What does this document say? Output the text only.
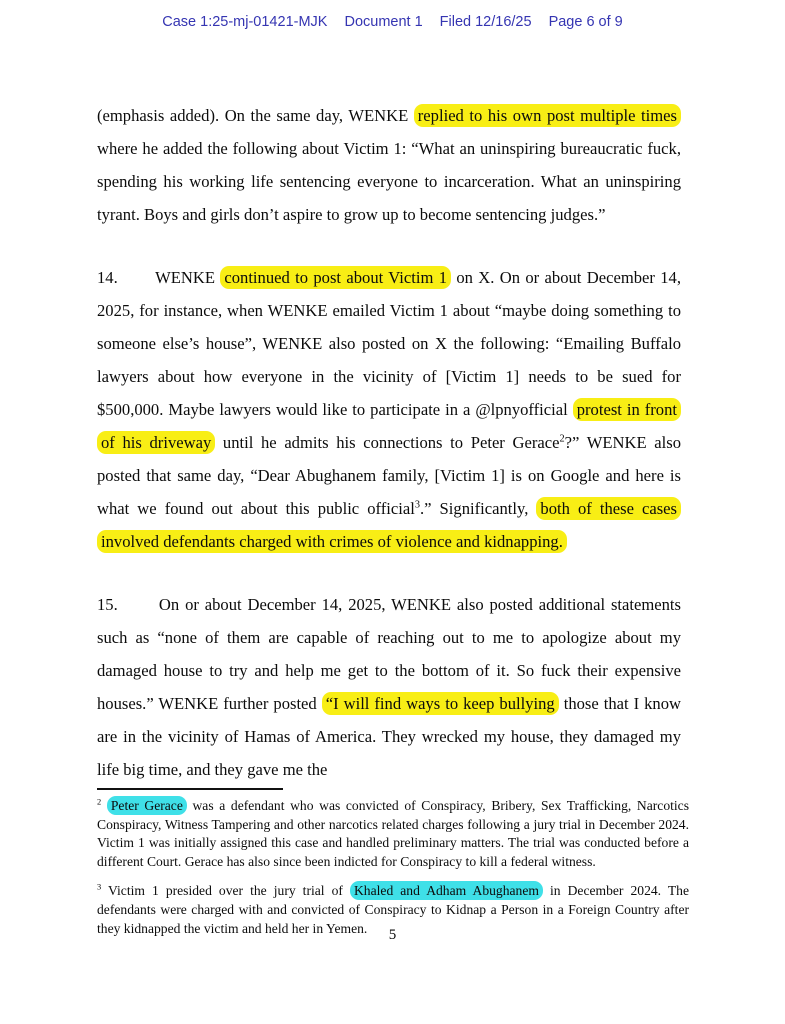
Case 1:25-mj-01421-MJK Document 1 Filed 12/16/25 Page 6 of 9

(emphasis added). On the same day, WENKE replied to his own post multiple times where he added the following about Victim 1: “What an uninspiring bureaucratic fuck, spending his working life sentencing everyone to incarceration. What an uninspiring tyrant. Boys and girls don’t aspire to grow up to become sentencing judges.”

14.       WENKE continued to post about Victim 1 on X. On or about December 14, 2025, for instance, when WENKE emailed Victim 1 about “maybe doing something to someone else’s house”, WENKE also posted on X the following: “Emailing Buffalo lawyers about how everyone in the vicinity of [Victim 1] needs to be sued for $500,000. Maybe lawyers would like to participate in a @lpnyofficial protest in front of his driveway until he admits his connections to Peter Gerace$^2$?” WENKE also posted that same day, “Dear Abughanem family, [Victim 1] is on Google and here is what we found out about this public official$^3$.” Significantly, both of these cases involved defendants charged with crimes of violence and kidnapping.

15.       On or about December 14, 2025, WENKE also posted additional statements such as “none of them are capable of reaching out to me to apologize about my damaged house to try and help me get to the bottom of it. So fuck their expensive houses.” WENKE further posted “I will find ways to keep bullying those that I know are in the vicinity of Hamas of America. They wrecked my house, they damaged my life big time, and they gave me the

$^2$ Peter Gerace was a defendant who was convicted of Conspiracy, Bribery, Sex Trafficking, Narcotics Conspiracy, Witness Tampering and other narcotics related charges following a jury trial in December 2024. Victim 1 was initially assigned this case and handled preliminary matters. The trial was conducted before a different Court. Gerace has also since been indicted for Conspiracy to kill a federal witness.
$^3$ Victim 1 presided over the jury trial of Khaled and Adham Abughanem in December 2024. The defendants were charged with and convicted of Conspiracy to Kidnap a Person in a Foreign Country after they kidnapped the victim and held her in Yemen.	5
